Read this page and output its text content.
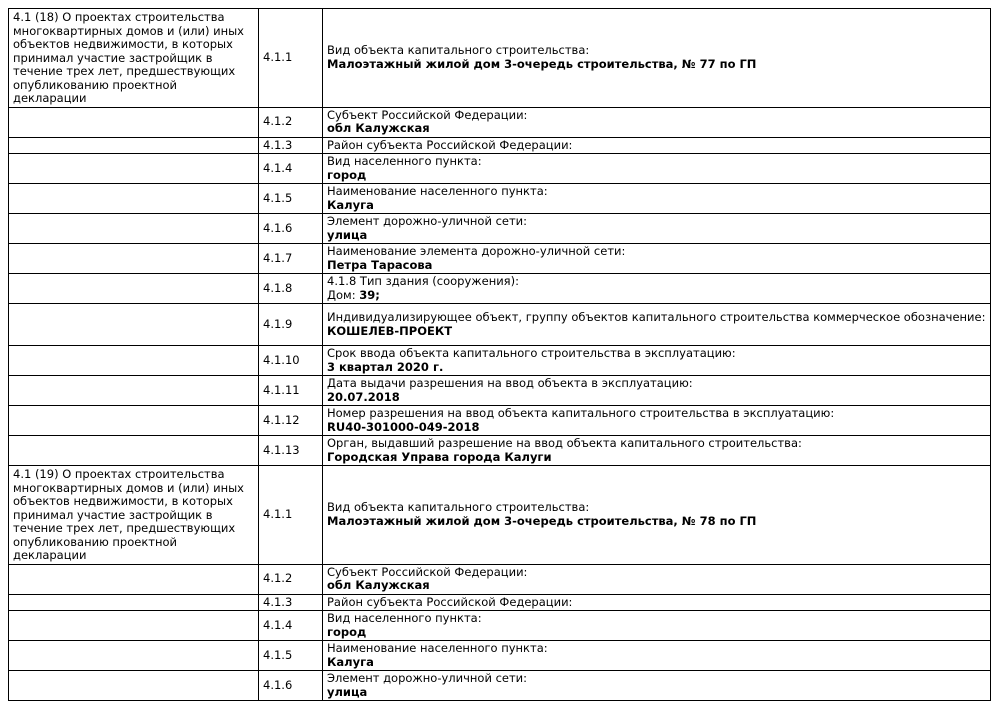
4.1 (18) О проектах строительства многоквартирных домов и (или) иных объектов недвижимости, в которых принимал участие застройщик в течение трех лет, предшествующих опубликованию проектной декларации	4.1.1	Вид объекта капитального строительства:
Малоэтажный жилой дом 3-очередь строительства, № 77 по ГП

	4.1.2	Субъект Российской Федерации:
обл Калужская

	4.1.3	Район субъекта Российской Федерации:

	4.1.4	Вид населенного пункта:
город

	4.1.5	Наименование населенного пункта:
Калуга

	4.1.6	Элемент дорожно-уличной сети:
улица

	4.1.7	Наименование элемента дорожно-уличной сети:
Петра Тарасова

	4.1.8	4.1.8 Тип здания (сооружения):
Дом: 39;

	4.1.9	Индивидуализирующее объект, группу объектов капитального строительства коммерческое обозначение:
КОШЕЛЕВ-ПРОЕКТ

	4.1.10	Срок ввода объекта капитального строительства в эксплуатацию:
3 квартал 2020 г.

	4.1.11	Дата выдачи разрешения на ввод объекта в эксплуатацию:
20.07.2018

	4.1.12	Номер разрешения на ввод объекта капитального строительства в эксплуатацию:
RU40-301000-049-2018

	4.1.13	Орган, выдавший разрешение на ввод объекта капитального строительства:
Городская Управа города Калуги

4.1 (19) О проектах строительства многоквартирных домов и (или) иных объектов недвижимости, в которых принимал участие застройщик в течение трех лет, предшествующих опубликованию проектной декларации	4.1.1	Вид объекта капитального строительства:
Малоэтажный жилой дом 3-очередь строительства, № 78 по ГП

	4.1.2	Субъект Российской Федерации:
обл Калужская

	4.1.3	Район субъекта Российской Федерации:

	4.1.4	Вид населенного пункта:
город

	4.1.5	Наименование населенного пункта:
Калуга

	4.1.6	Элемент дорожно-уличной сети:
улица
